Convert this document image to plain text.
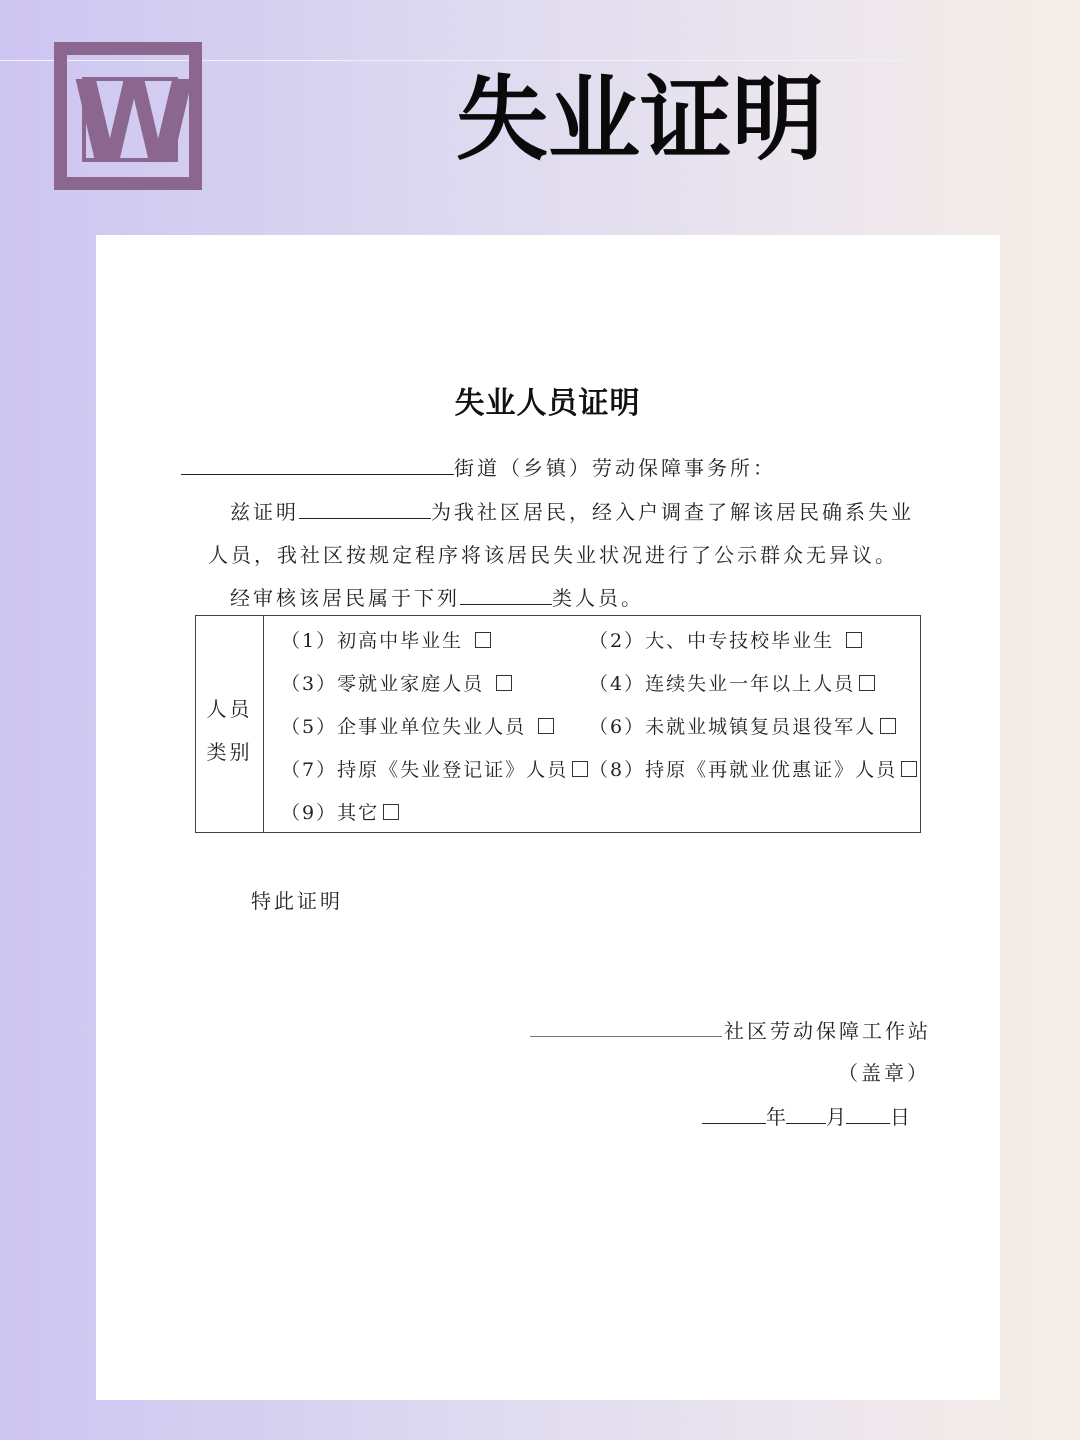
W	失业证明
失业人员证明
街道（乡镇）劳动保障事务所：
兹证明	为我社区居民，经入户调查了解该居民确系失业
人员，我社区按规定程序将该居民失业状况进行了公示群众无异议。
经审核该居民属于下列	类人员。
人员
类别
（1）初高中毕业生	（2）大、中专技校毕业生
（3）零就业家庭人员	（4）连续失业一年以上人员
（5）企事业单位失业人员	（6）未就业城镇复员退役军人
（7）持原《失业登记证》人员	（8）持原《再就业优惠证》人员
（9）其它
特此证明
社区劳动保障工作站
（盖章）
年 月 日
